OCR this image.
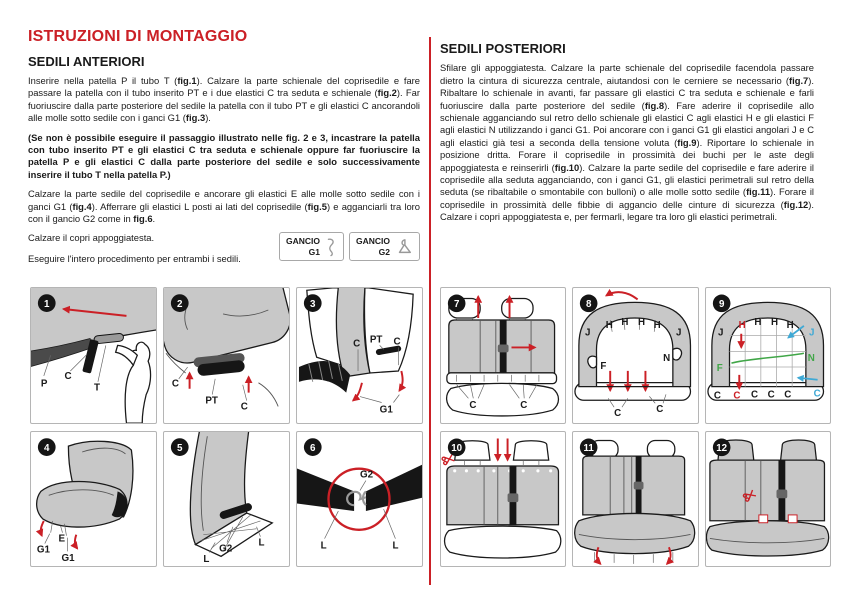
ISTRUZIONI DI MONTAGGIO
SEDILI ANTERIORI

Inserire nella patella P il tubo T (fig.1). Calzare la parte schienale del coprisedile e fare passare la patella con il tubo inserito PT e i due elastici C tra seduta e schienale (fig.2). Far fuoriuscire dalla parte posteriore del sedile la patella con il tubo PT e gli elastici C ancorandoli alle molle sotto sedile con i ganci G1 (fig.3).

(Se non è possibile eseguire il passaggio illustrato nelle fig. 2 e 3, incastrare la patella con tubo inserito PT e gli elastici C tra seduta e schienale oppure far fuoriuscire la patella P e gli elastici C dalla parte posteriore del sedile e solo successivamente inserire il tubo T nella patella P.)

Calzare la parte sedile del coprisedile e ancorare gli elastici E alle molle sotto sedile con i ganci G1 (fig.4). Afferrare gli elastici L posti ai lati del coprisedile (fig.5) e agganciarli tra loro con il gancio G2 come in fig.6.

Calzare il copri appoggiatesta.

Eseguire l'intero procedimento per entrambi i sedili.

GANCIO
G1
GANCIO
G2
SEDILI POSTERIORI

Sfilare gli appoggiatesta. Calzare la parte schienale del coprisedile facendola passare dietro la cintura di sicurezza centrale, aiutandosi con le cerniere se necessario (fig.7). Ribaltare lo schienale in avanti, far passare gli elastici C tra seduta e schienale e farli fuoriuscire dalla parte posteriore del sedile (fig.8). Fare aderire il coprisedile allo schienale agganciando sul retro dello schienale gli elastici C agli elastici H e gli elastici F agli elastici N utilizzando i ganci G1. Poi ancorare con i ganci G1 gli elastici angolari J e C agli elastici già tesi a seconda della tensione voluta (fig.9). Riportare lo schienale in posizione dritta. Forare il coprisedile in prossimità dei buchi per le aste degli appoggiatesta e reinserirli (fig.10). Calzare la parte sedile del coprisedile e fare aderire il coprisedile alla seduta agganciando, con i ganci G1, gli elastici perimetrali sul retro della seduta (se ribaltabile o smontabile con bulloni) o alle molle sotto sedile (fig.11). Forare il coprisedile in prossimità delle fibbie di aggancio delle cinture di sicurezza (fig.12). Calzare i copri appoggiatesta e, per fermarli, legare tra loro gli elastici perimetrali.

P
C
T
1
C
PT
C
2
C PT C
G1
3
G1
E
G1
4
G2
L
L
5
G2
L	L
6
C	C
7
J
H H H H
J
F
N
C	C
8
J
H H H H
J
F
N
C C C C C C
9
10	11	12
